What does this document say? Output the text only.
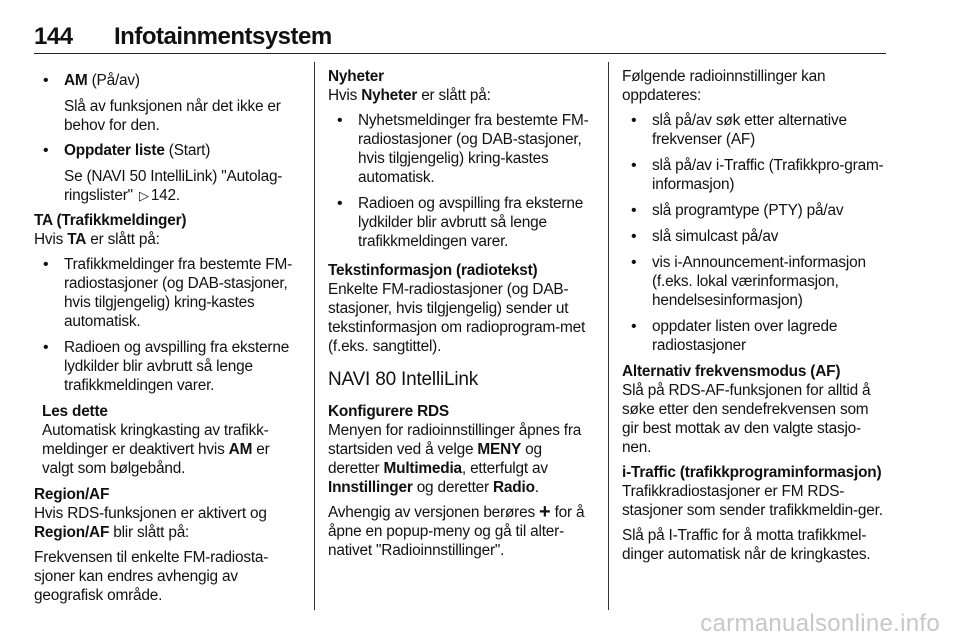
144 Infotainmentsystem
• AM (På/av)

Slå av funksjonen når det ikke er behov for den.

• Oppdater liste (Start)

Se (NAVI 50 IntelliLink) "Autolag-ringslister" ▷ 142.

TA (Trafikkmeldinger)

Hvis TA er slått på:

• Trafikkmeldinger fra bestemte FM-radiostasjoner (og DAB-stasjoner, hvis tilgjengelig) kring-kastes automatisk.
• Radioen og avspilling fra eksterne lydkilder blir avbrutt så lenge trafikkmeldingen varer.
Les dette
Automatisk kringkasting av trafikk-meldinger er deaktivert hvis AM er valgt som bølgebånd.
Region/AF

Hvis RDS-funksjonen er aktivert og
Region/AF blir slått på:

Frekvensen til enkelte FM-radiosta-sjoner kan endres avhengig av geografisk område.

Nyheter

Hvis Nyheter er slått på:

• Nyhetsmeldinger fra bestemte FM-radiostasjoner (og DAB-stasjoner, hvis tilgjengelig) kring-kastes automatisk.
• Radioen og avspilling fra eksterne lydkilder blir avbrutt så lenge trafikkmeldingen varer.
Tekstinformasjon (radiotekst)

Enkelte FM-radiostasjoner (og DAB-stasjoner, hvis tilgjengelig) sender ut tekstinformasjon om radioprogram-met (f.eks. sangtittel).

NAVI 80 IntelliLink
Konfigurere RDS

Menyen for radioinnstillinger åpnes fra startsiden ved å velge MENY og deretter Multimedia, etterfulgt av Innstillinger og deretter Radio.

Avhengig av versjonen berøres + for å åpne en popup-meny og gå til alter-nativet "Radioinnstillinger".

Følgende radioinnstillinger kan oppdateres:

• slå på/av søk etter alternative frekvenser (AF)
• slå på/av i-Traffic (Trafikkpro-gram-informasjon)
• slå programtype (PTY) på/av
• slå simulcast på/av
• vis i-Announcement-informasjon (f.eks. lokal værinformasjon, hendelsesinformasjon)
• oppdater listen over lagrede radiostasjoner
Alternativ frekvensmodus (AF)

Slå på RDS-AF-funksjonen for alltid å søke etter den sendefrekvensen som gir best mottak av den valgte stasjo-nen.

i-Traffic (trafikkprograminformasjon)

Trafikkradiostasjoner er FM RDS-stasjoner som sender trafikkmeldin-ger.

Slå på I-Traffic for å motta trafikkmel-dinger automatisk når de kringkastes.

carmanualsonline.info
